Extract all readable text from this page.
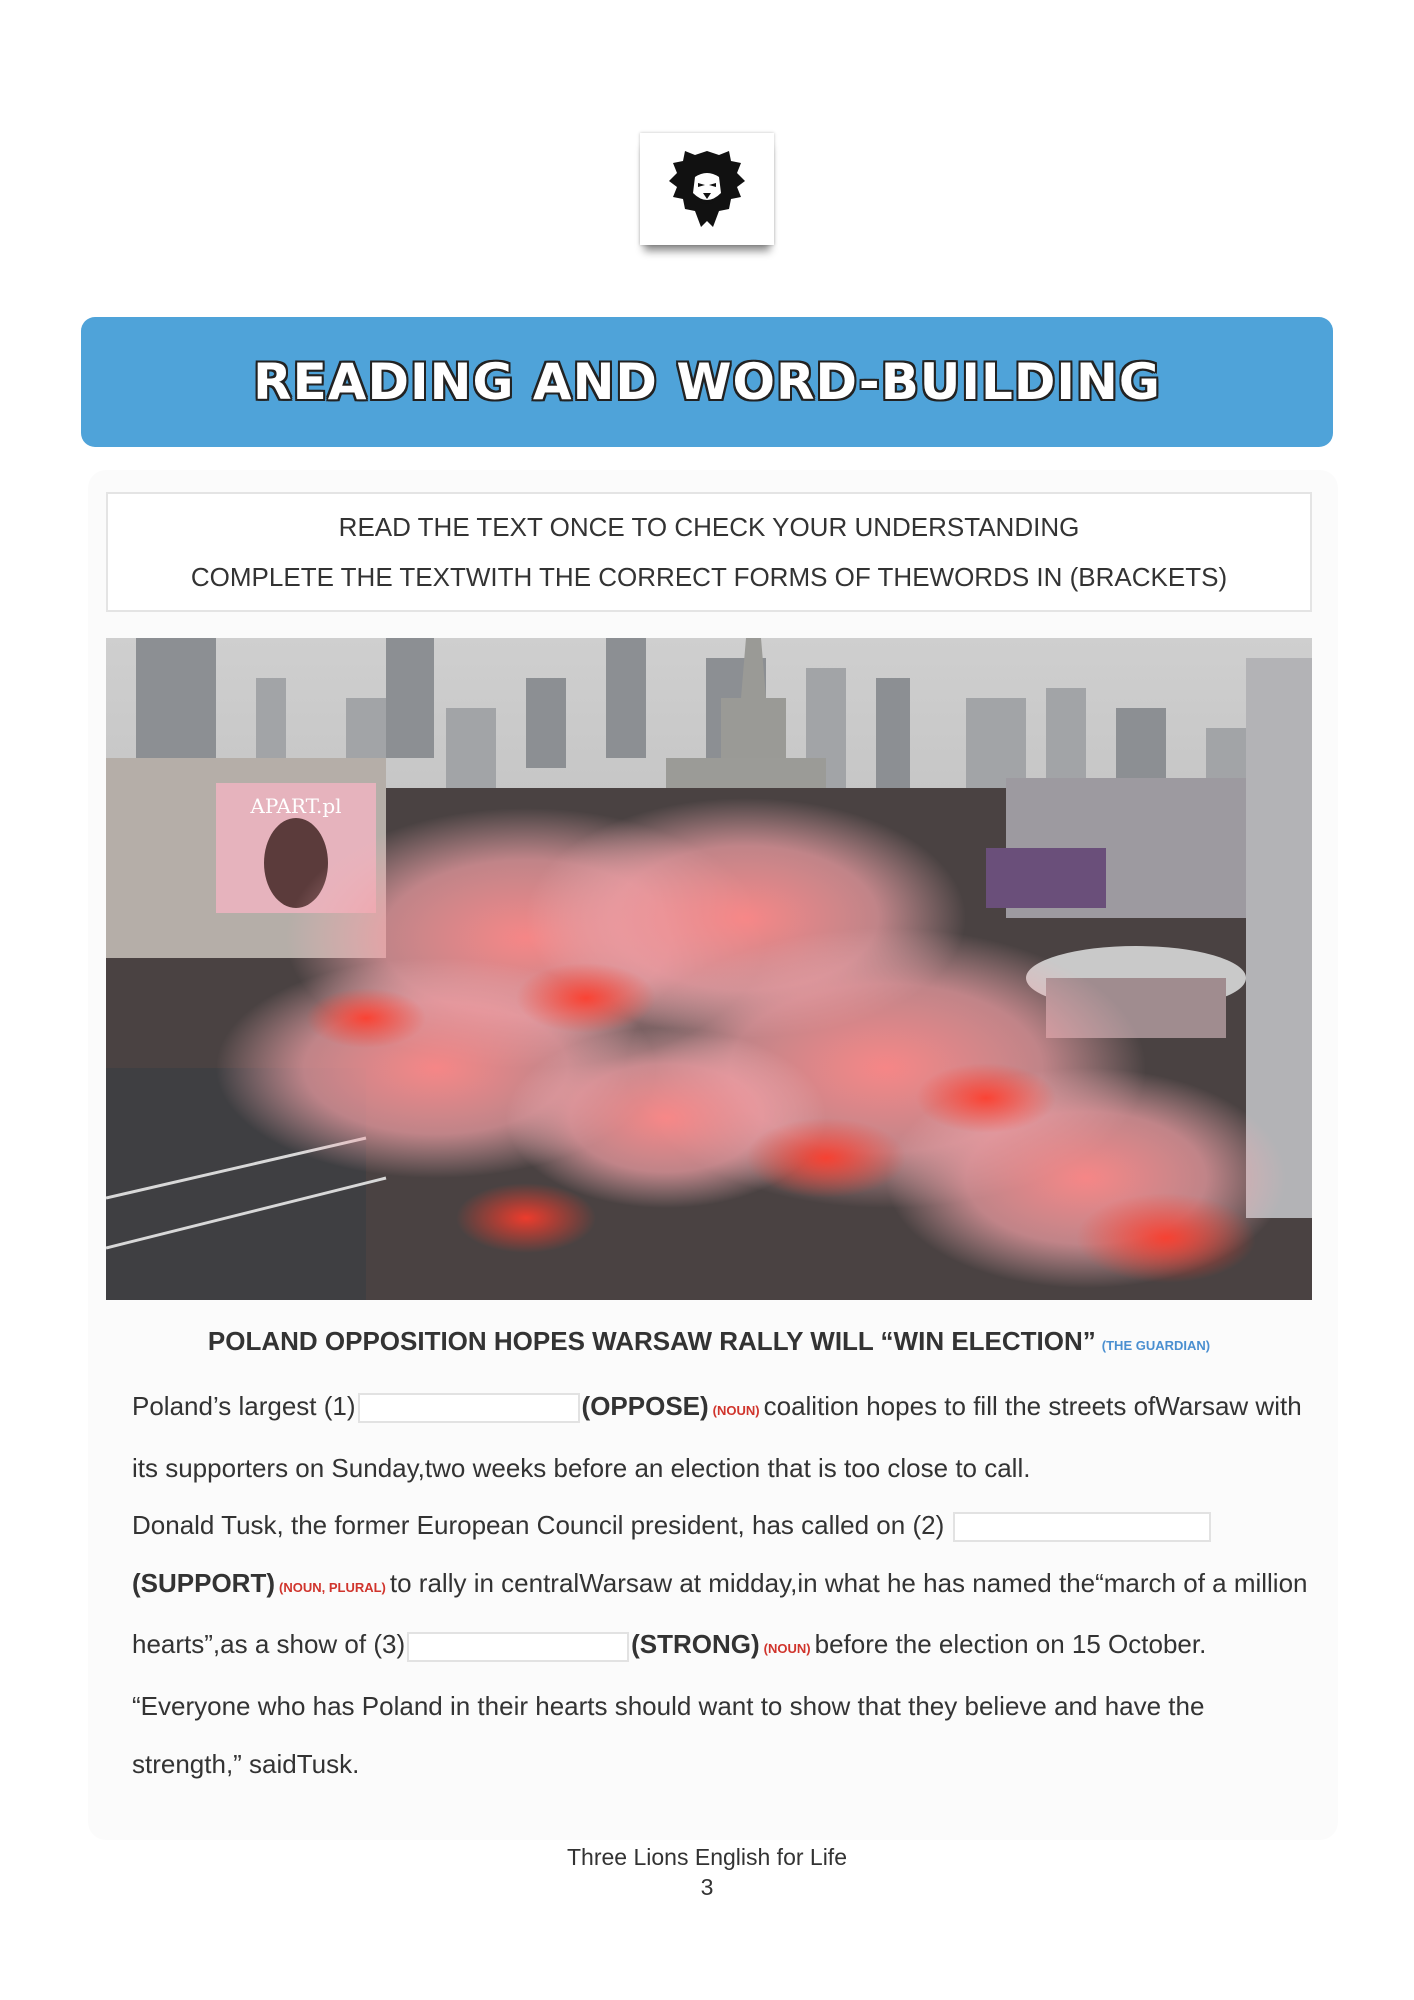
READING AND WORD-BUILDING
READ THE TEXT ONCE TO CHECK YOUR UNDERSTANDING
COMPLETE THE TEXTWITH THE CORRECT FORMS OF THEWORDS IN (BRACKETS)
APART.pl
POLAND OPPOSITION HOPES WARSAW RALLY WILL “WIN ELECTION” (THE GUARDIAN)

Poland’s largest (1)	(OPPOSE) (NOUN) coalition hopes to fill the streets ofWarsaw with its supporters on Sunday,two weeks before an election that is too close to call.

Donald Tusk, the former European Council president, has called on (2)  (SUPPORT) (NOUN, PLURAL) to rally in centralWarsaw at midday,in what he has named the“march of a million hearts”,as a show of (3)	(STRONG) (NOUN) before the election on 15 October.

“Everyone who has Poland in their hearts should want to show that they believe and have the strength,” saidTusk.

Three Lions English for Life
3
